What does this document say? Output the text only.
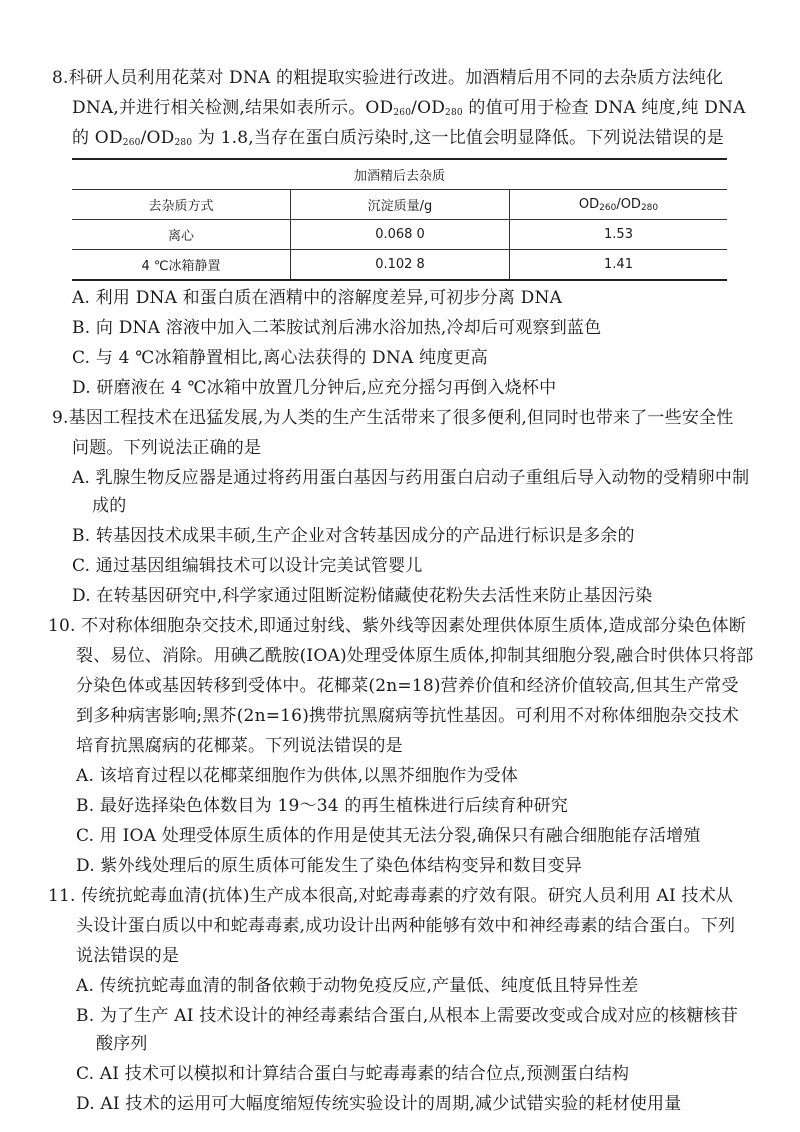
8.科研人员利用花菜对 DNA 的粗提取实验进行改进。加酒精后用不同的去杂质方法纯化
DNA,并进行相关检测,结果如表所示。$OD_{260}/OD_{280}$ 的值可用于检查 DNA 纯度,纯 DNA
的 $OD_{260}/OD_{280}$ 为 1.8,当存在蛋白质污染时,这一比值会明显降低。下列说法错误的是
加酒精后去杂质		
去杂质方式	沉淀质量/g	$OD_{260}/OD_{280}$
离心	0.068 0	1.53
4 ℃冰箱静置	0.102 8	1.41
A. 利用 DNA 和蛋白质在酒精中的溶解度差异,可初步分离 DNA
B. 向 DNA 溶液中加入二苯胺试剂后沸水浴加热,冷却后可观察到蓝色
C. 与 4 ℃冰箱静置相比,离心法获得的 DNA 纯度更高
D. 研磨液在 4 ℃冰箱中放置几分钟后,应充分摇匀再倒入烧杯中
9.基因工程技术在迅猛发展,为人类的生产生活带来了很多便利,但同时也带来了一些安全性
问题。下列说法正确的是
A. 乳腺生物反应器是通过将药用蛋白基因与药用蛋白启动子重组后导入动物的受精卵中制
成的
B. 转基因技术成果丰硕,生产企业对含转基因成分的产品进行标识是多余的
C. 通过基因组编辑技术可以设计完美试管婴儿
D. 在转基因研究中,科学家通过阻断淀粉储藏使花粉失去活性来防止基因污染
10. 不对称体细胞杂交技术,即通过射线、紫外线等因素处理供体原生质体,造成部分染色体断
裂、易位、消除。用碘乙酰胺(IOA)处理受体原生质体,抑制其细胞分裂,融合时供体只将部
分染色体或基因转移到受体中。花椰菜(2n=18)营养价值和经济价值较高,但其生产常受
到多种病害影响;黑芥(2n=16)携带抗黑腐病等抗性基因。可利用不对称体细胞杂交技术
培育抗黑腐病的花椰菜。下列说法错误的是
A. 该培育过程以花椰菜细胞作为供体,以黑芥细胞作为受体
B. 最好选择染色体数目为 19～34 的再生植株进行后续育种研究
C. 用 IOA 处理受体原生质体的作用是使其无法分裂,确保只有融合细胞能存活增殖
D. 紫外线处理后的原生质体可能发生了染色体结构变异和数目变异
11. 传统抗蛇毒血清(抗体)生产成本很高,对蛇毒毒素的疗效有限。研究人员利用 AI 技术从
头设计蛋白质以中和蛇毒毒素,成功设计出两种能够有效中和神经毒素的结合蛋白。下列
说法错误的是
A. 传统抗蛇毒血清的制备依赖于动物免疫反应,产量低、纯度低且特异性差
B. 为了生产 AI 技术设计的神经毒素结合蛋白,从根本上需要改变或合成对应的核糖核苷
酸序列
C. AI 技术可以模拟和计算结合蛋白与蛇毒毒素的结合位点,预测蛋白结构
D. AI 技术的运用可大幅度缩短传统实验设计的周期,减少试错实验的耗材使用量
